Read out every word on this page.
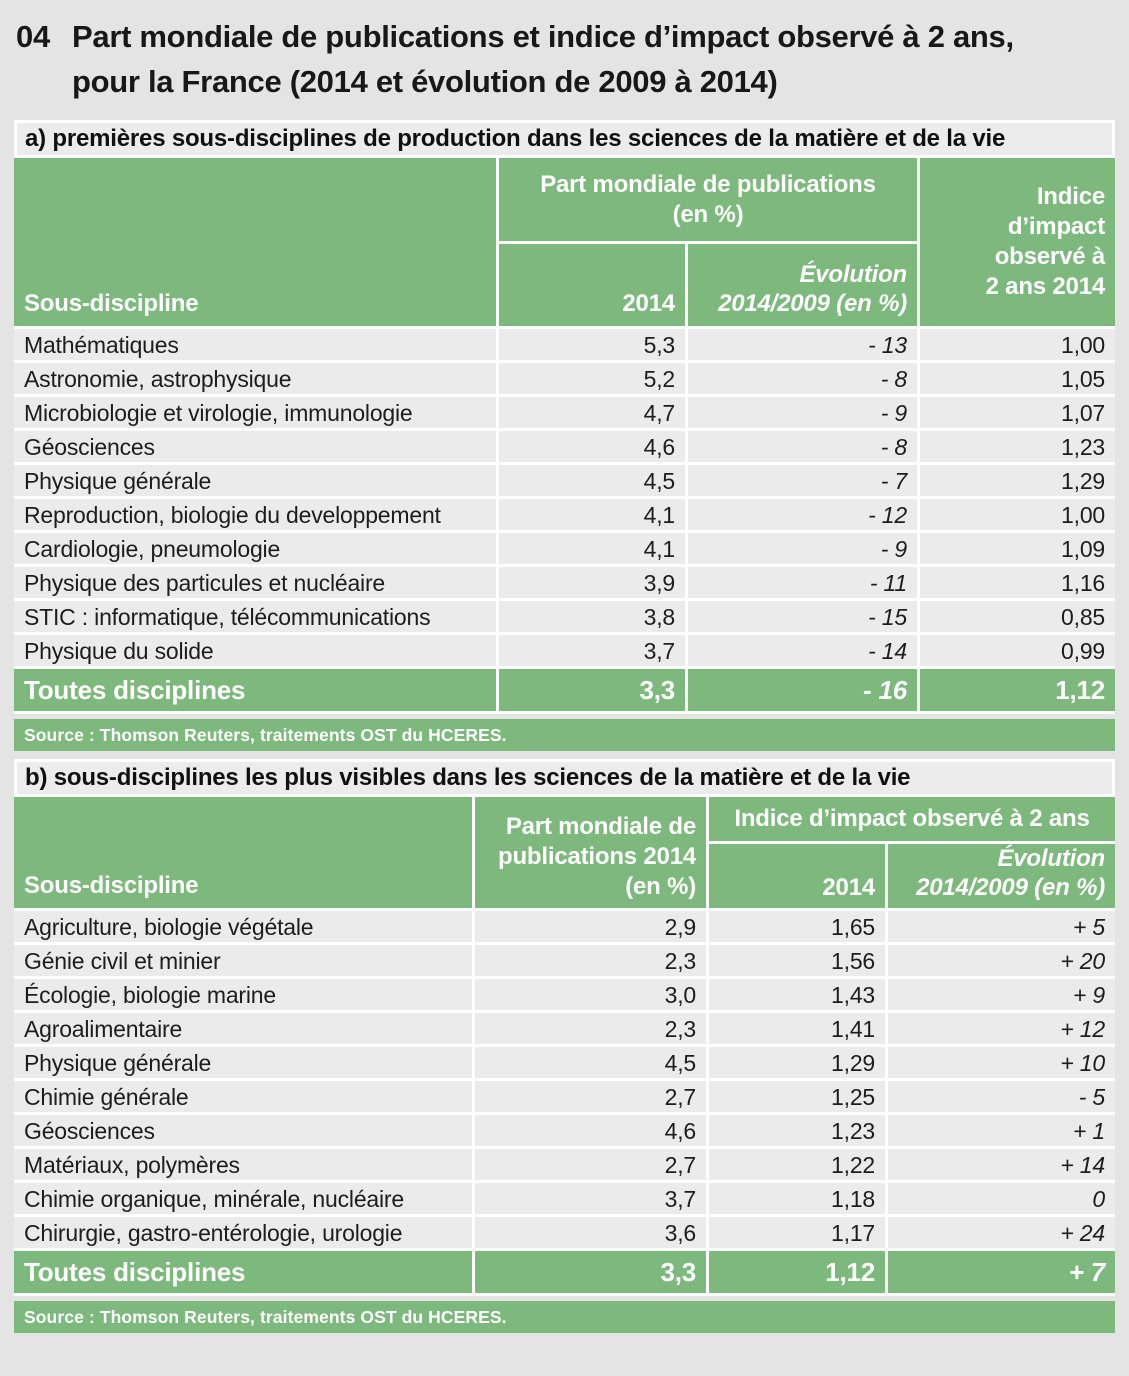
04 Part mondiale de publications et indice d’impact observé à 2 ans,
pour la France (2014 et évolution de 2009 à 2014)
a) premières sous-disciplines de production dans les sciences de la matière et de la vie
Sous-discipline
Part mondiale de publications
(en %)
Indice
d’impact
observé à
2 ans 2014
2014
Évolution
2014/2009 (en %)
Mathématiques	5,3	- 13	1,00
Astronomie, astrophysique	5,2	- 8	1,05
Microbiologie et virologie, immunologie	4,7	- 9	1,07
Géosciences	4,6	- 8	1,23
Physique générale	4,5	- 7	1,29
Reproduction, biologie du developpement	4,1	- 12	1,00
Cardiologie, pneumologie	4,1	- 9	1,09
Physique des particules et nucléaire	3,9	- 11	1,16
STIC : informatique, télécommunications	3,8	- 15	0,85
Physique du solide	3,7	- 14	0,99
Toutes disciplines	3,3	- 16	1,12
Source : Thomson Reuters, traitements OST du HCERES.
b) sous-disciplines les plus visibles dans les sciences de la matière et de la vie
Sous-discipline
Part mondiale de
publications 2014
(en %)
Indice d’impact observé à 2 ans
2014
Évolution
2014/2009 (en %)
Agriculture, biologie végétale	2,9	1,65	+ 5
Génie civil et minier	2,3	1,56	+ 20
Écologie, biologie marine	3,0	1,43	+ 9
Agroalimentaire	2,3	1,41	+ 12
Physique générale	4,5	1,29	+ 10
Chimie générale	2,7	1,25	- 5
Géosciences	4,6	1,23	+ 1
Matériaux, polymères	2,7	1,22	+ 14
Chimie organique, minérale, nucléaire	3,7	1,18	0
Chirurgie, gastro-entérologie, urologie	3,6	1,17	+ 24
Toutes disciplines	3,3	1,12	+ 7
Source : Thomson Reuters, traitements OST du HCERES.
